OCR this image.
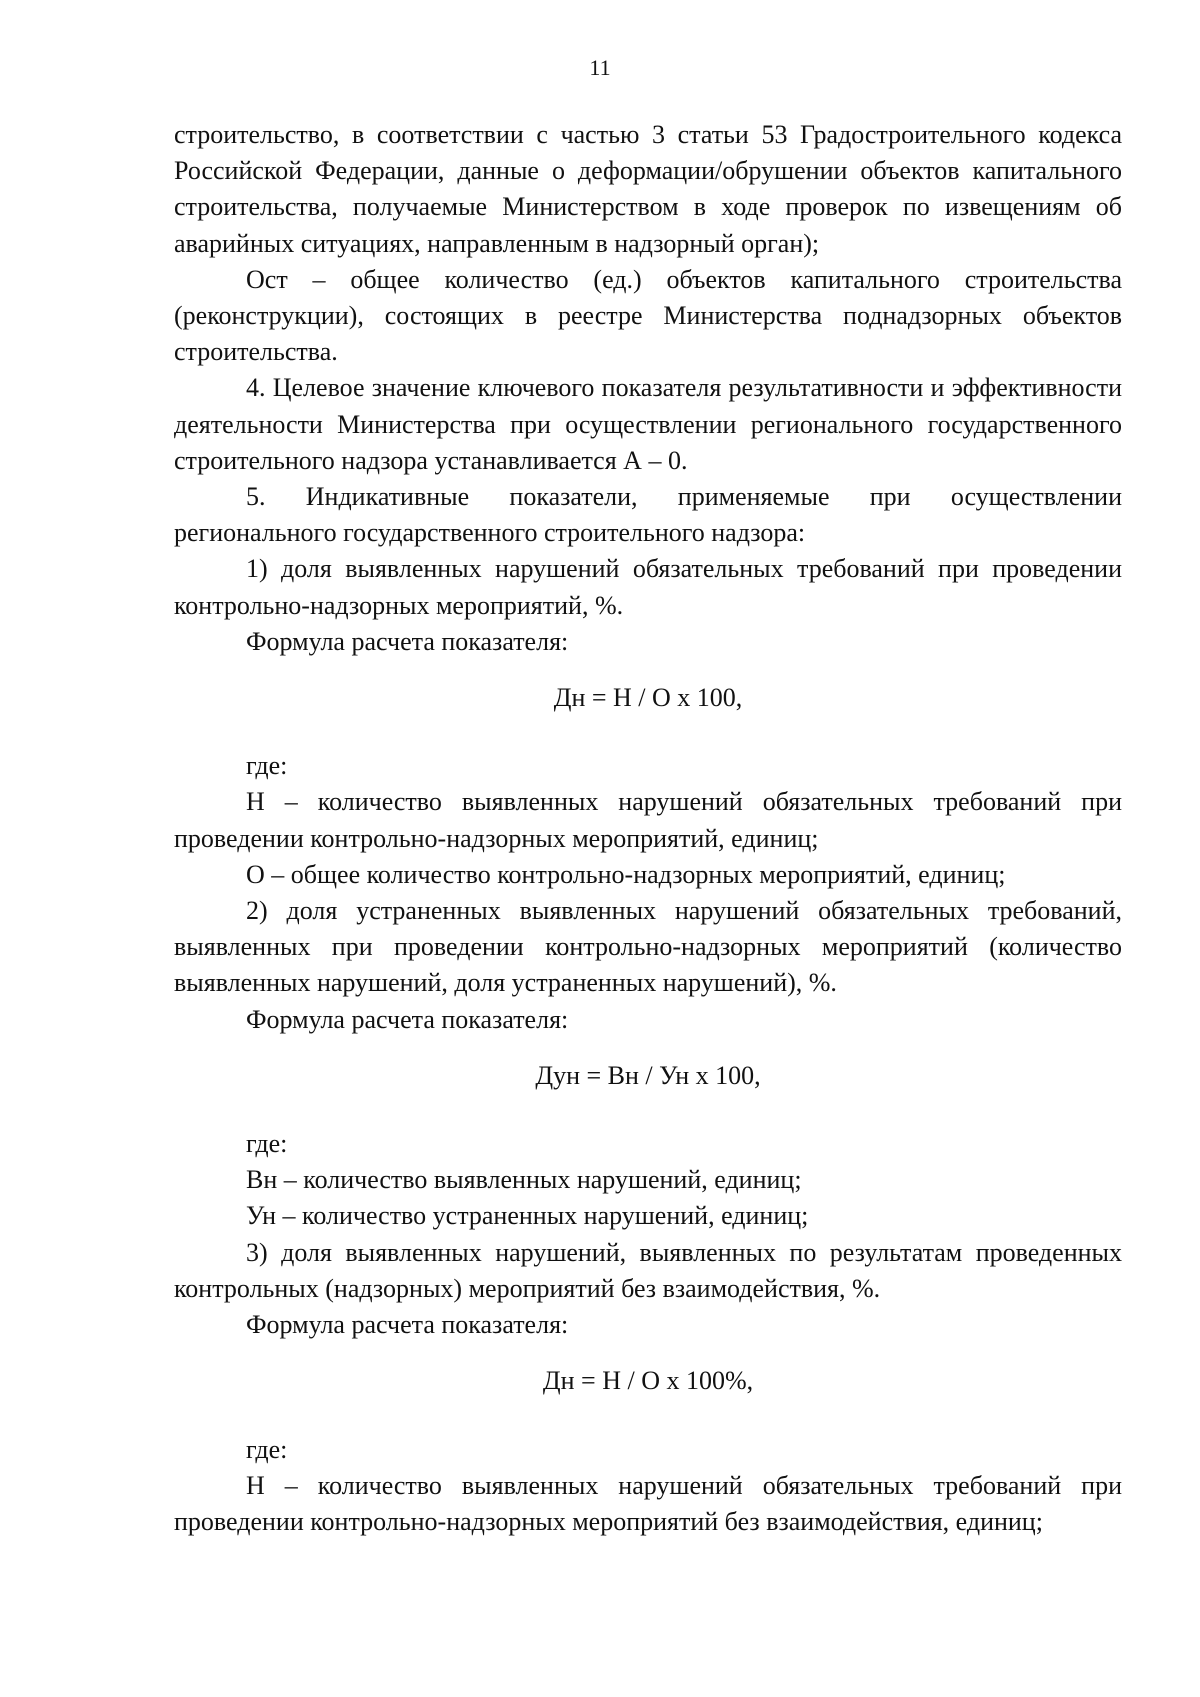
11

строительство, в соответствии с частью 3 статьи 53 Градостроительного кодекса Российской Федерации, данные о деформации/обрушении объектов капитального строительства, получаемые Министерством в ходе проверок по извещениям об аварийных ситуациях, направленным в надзорный орган);

Ост – общее количество (ед.) объектов капитального строительства (реконструкции), состоящих в реестре Министерства поднадзорных объектов строительства.

4. Целевое значение ключевого показателя результативности и эффективности деятельности Министерства при осуществлении регионального государственного строительного надзора устанавливается А – 0.

5. Индикативные показатели, применяемые при осуществлении регионального государственного строительного надзора:

1) доля выявленных нарушений обязательных требований при проведении контрольно-надзорных мероприятий, %.

Формула расчета показателя:

Дн = Н / О х 100,

где:

Н – количество выявленных нарушений обязательных требований при проведении контрольно-надзорных мероприятий, единиц;

О – общее количество контрольно-надзорных мероприятий, единиц;

2) доля устраненных выявленных нарушений обязательных требований, выявленных при проведении контрольно-надзорных мероприятий (количество выявленных нарушений, доля устраненных нарушений), %.

Формула расчета показателя:

Дун = Вн / Ун х 100,

где:

Вн – количество выявленных нарушений, единиц;

Ун – количество устраненных нарушений, единиц;

3) доля выявленных нарушений, выявленных по результатам проведенных контрольных (надзорных) мероприятий без взаимодействия, %.

Формула расчета показателя:

Дн = Н / О х 100%,

где:

Н – количество выявленных нарушений обязательных требований при проведении контрольно-надзорных мероприятий без взаимодействия, единиц;
